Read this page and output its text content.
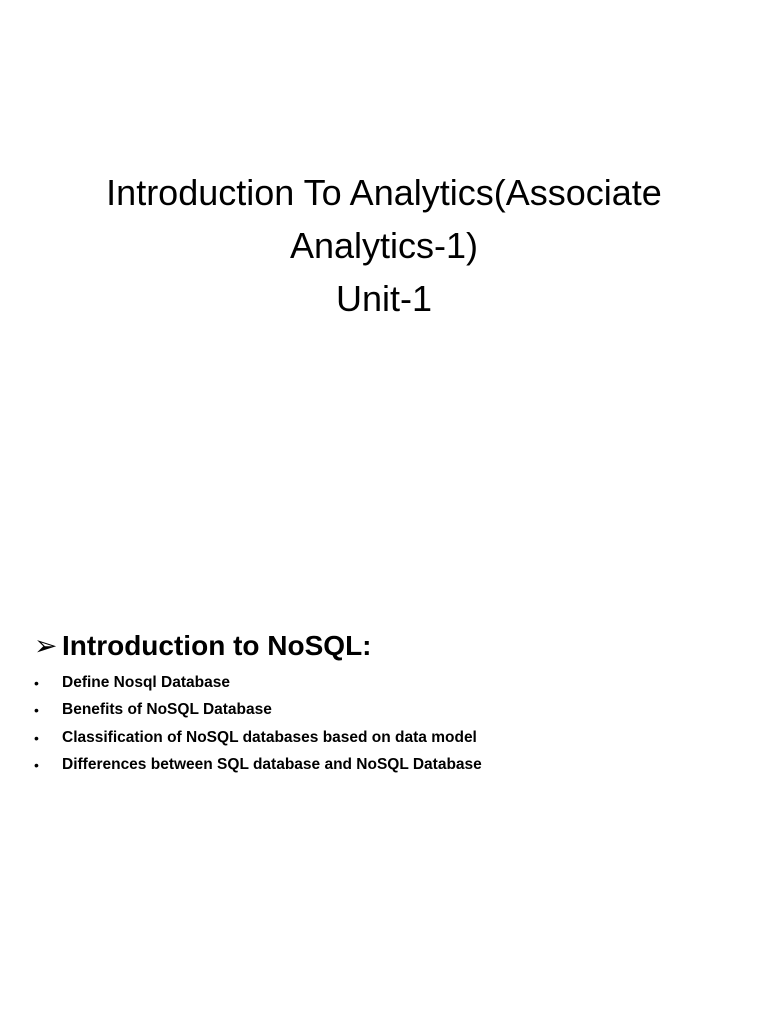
Introduction To Analytics(Associate
Analytics-1)
Unit-1
➢ Introduction to NoSQL:
•	Define Nosql Database
•	Benefits of NoSQL Database
•	Classification of NoSQL databases based on data model
•	Differences between SQL database and NoSQL Database
